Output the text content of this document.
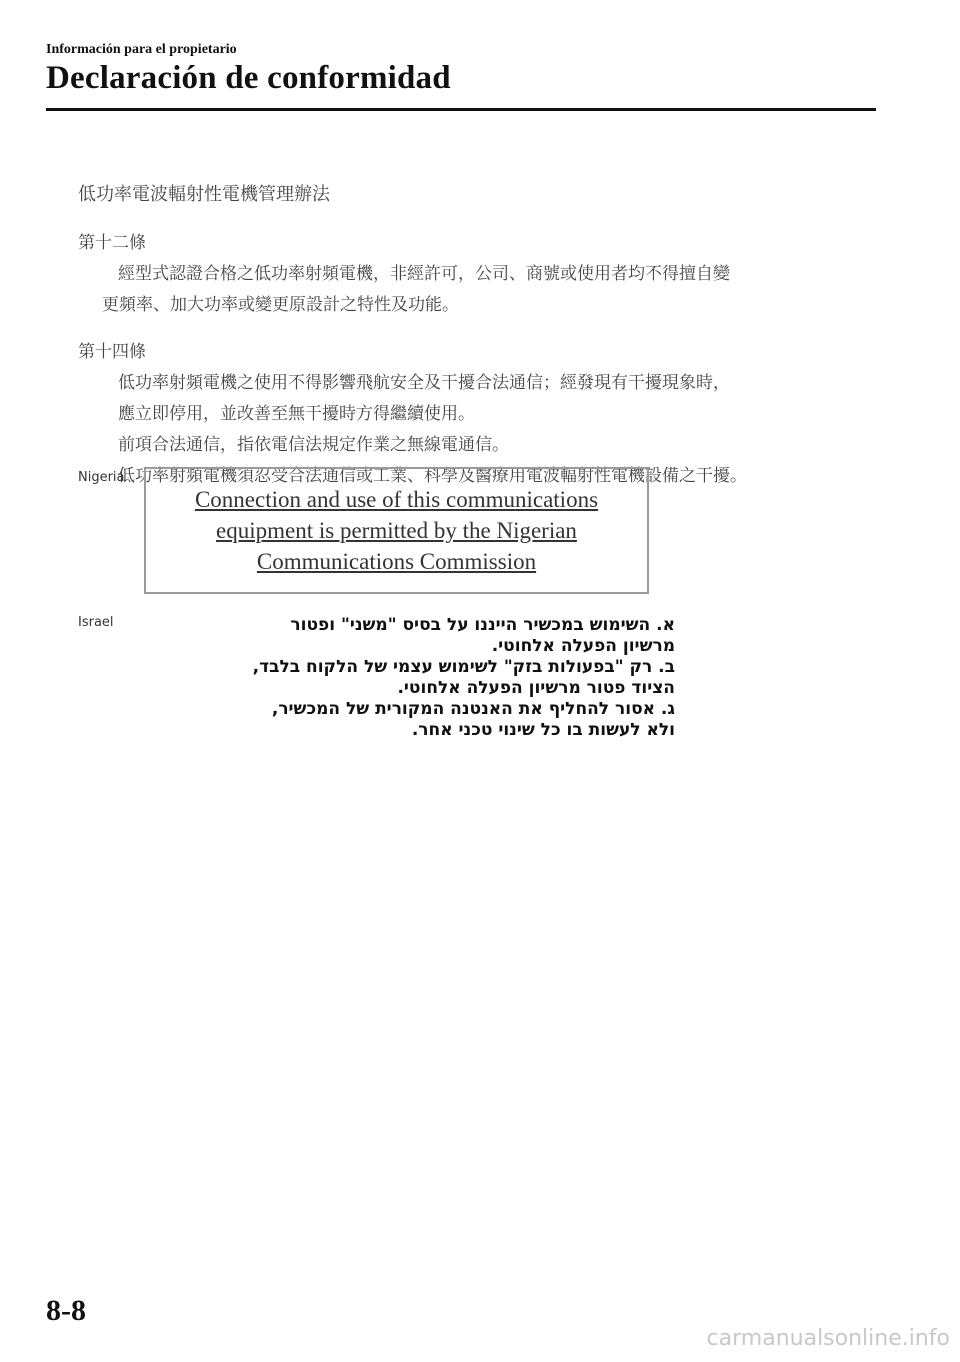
Información para el propietario
Declaración de conformidad

低功率電波輻射性電機管理辦法

第十二條

經型式認證合格之低功率射頻電機，非經許可，公司、商號或使用者均不得擅自變

更頻率、加大功率或變更原設計之特性及功能。

第十四條

低功率射頻電機之使用不得影響飛航安全及干擾合法通信；經發現有干擾現象時，

應立即停用，並改善至無干擾時方得繼續使用。

前項合法通信，指依電信法規定作業之無線電通信。

低功率射頻電機須忍受合法通信或工業、科學及醫療用電波輻射性電機設備之干擾。

Nigeria
Connection and use of this communications
equipment is permitted by the Nigerian
Communications Commission
Israel	א. השימוש במכשיר הייננו על בסיס "משני" ופטור

מרשיון הפעלה אלחוטי.

ב. רק "בפעולות בזק" לשימוש עצמי של הלקוח בלבד,

הציוד פטור מרשיון הפעלה אלחוטי.

ג. אסור להחליף את האנטנה המקורית של המכשיר,

ולא לעשות בו כל שינוי טכני אחר.

8-8
carmanualsonline.info
